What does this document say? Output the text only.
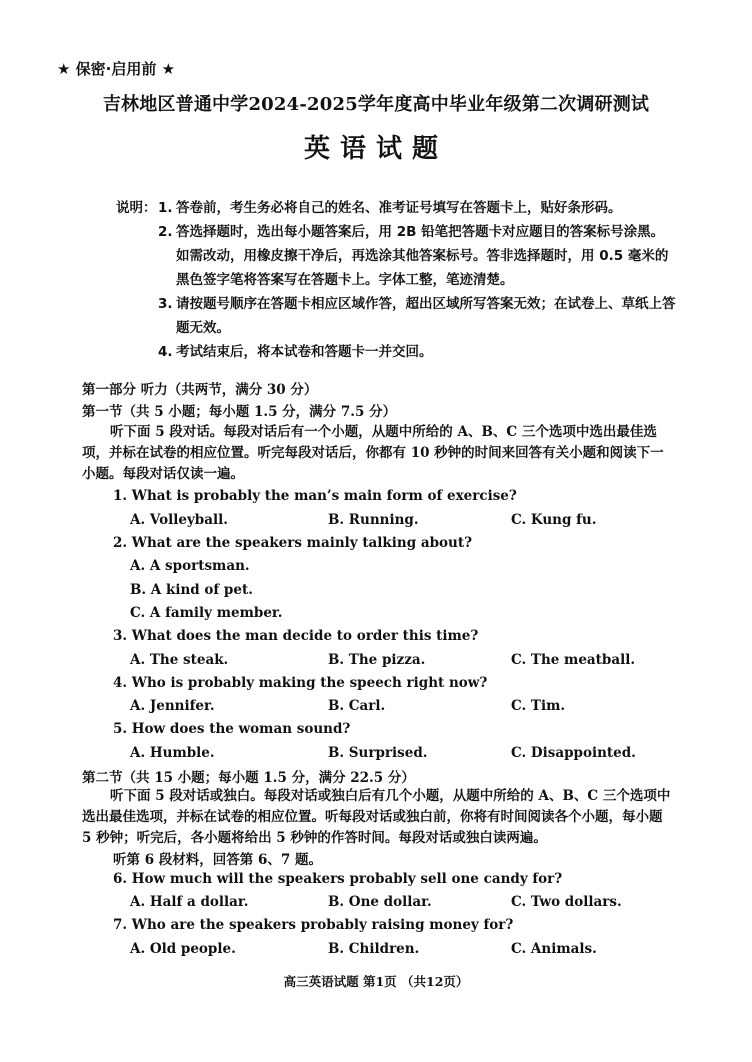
★ 保密·启用前 ★
吉林地区普通中学2024-2025学年度高中毕业年级第二次调研测试
英语试题
说明： 1. 答卷前，考生务必将自己的姓名、准考证号填写在答题卡上，贴好条形码。
2. 答选择题时，选出每小题答案后，用 2B 铅笔把答题卡对应题目的答案标号涂黑。如需改动，用橡皮擦干净后，再选涂其他答案标号。答非选择题时，用 0.5 毫米的黑色签字笔将答案写在答题卡上。字体工整，笔迹清楚。
3. 请按题号顺序在答题卡相应区域作答，超出区域所写答案无效；在试卷上、草纸上答题无效。
4. 考试结束后，将本试卷和答题卡一并交回。
第一部分 听力（共两节，满分 30 分）
第一节（共 5 小题；每小题 1.5 分，满分 7.5 分）
听下面 5 段对话。每段对话后有一个小题，从题中所给的 A、B、C 三个选项中选出最佳选项，并标在试卷的相应位置。听完每段对话后，你都有 10 秒钟的时间来回答有关小题和阅读下一小题。每段对话仅读一遍。
1. What is probably the man’s main form of exercise?
A. Volleyball.	B. Running.	C. Kung fu.
2. What are the speakers mainly talking about?
A. A sportsman.
B. A kind of pet.
C. A family member.
3. What does the man decide to order this time?
A. The steak.	B. The pizza.	C. The meatball.
4. Who is probably making the speech right now?
A. Jennifer.	B. Carl.	C. Tim.
5. How does the woman sound?
A. Humble.	B. Surprised.	C. Disappointed.
第二节（共 15 小题；每小题 1.5 分，满分 22.5 分）
听下面 5 段对话或独白。每段对话或独白后有几个小题，从题中所给的 A、B、C 三个选项中选出最佳选项，并标在试卷的相应位置。听每段对话或独白前，你将有时间阅读各个小题，每小题 5 秒钟；听完后，各小题将给出 5 秒钟的作答时间。每段对话或独白读两遍。
听第 6 段材料，回答第 6、7 题。
6. How much will the speakers probably sell one candy for?
A. Half a dollar.	B. One dollar.	C. Two dollars.
7. Who are the speakers probably raising money for?
A. Old people.	B. Children.	C. Animals.
高三英语试题 第1页 （共12页）
